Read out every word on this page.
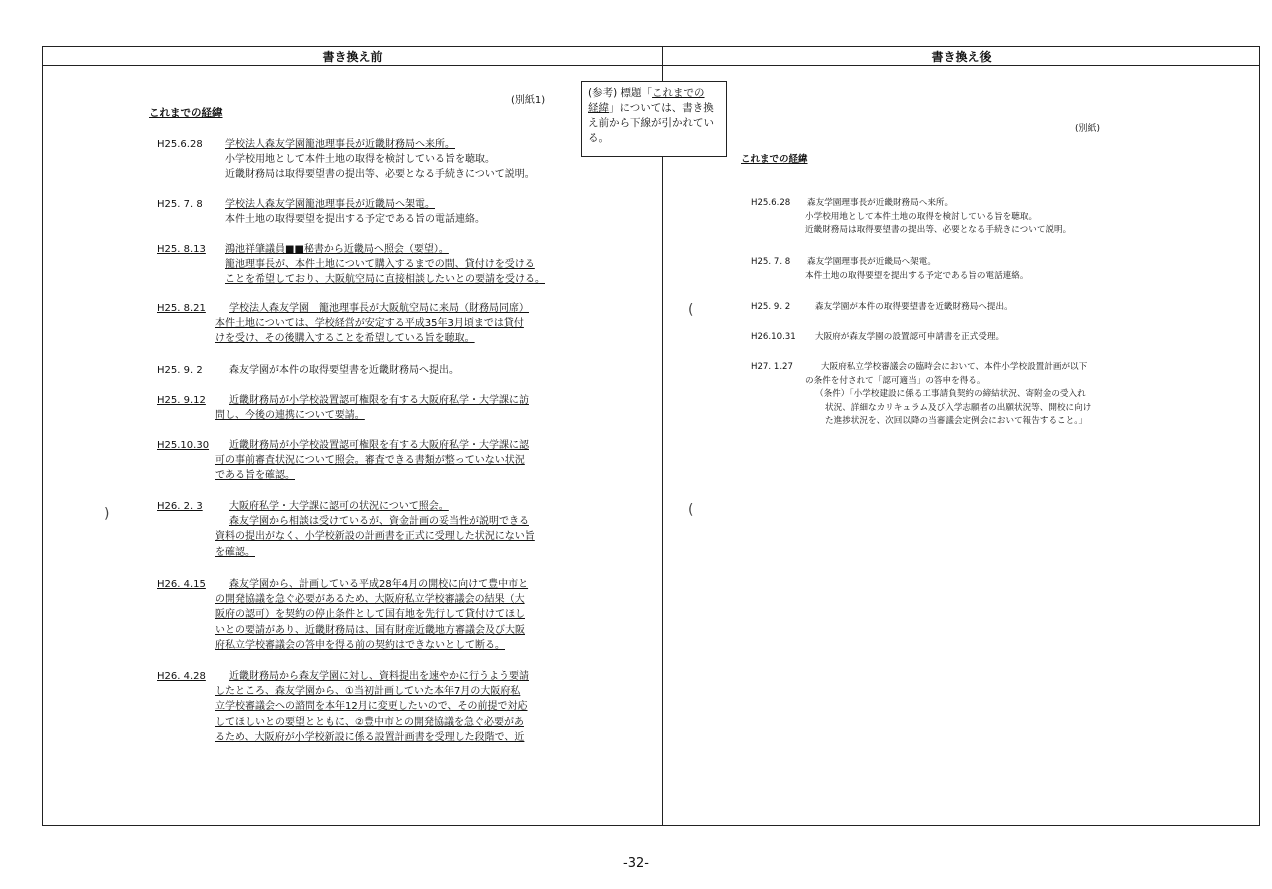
書き換え前	書き換え後
(別紙1)
これまでの経緯
H25.6.28 学校法人森友学園籠池理事長が近畿財務局へ来所。
小学校用地として本件土地の取得を検討している旨を聴取。
近畿財務局は取得要望書の提出等、必要となる手続きについて説明。
H25. 7. 8 学校法人森友学園籠池理事長が近畿局へ架電。
本件土地の取得要望を提出する予定である旨の電話連絡。
H25. 8.13 鴻池祥肇議員■■秘書から近畿局へ照会（要望）。
籠池理事長が、本件土地について購入するまでの間、貸付けを受ける
ことを希望しており、大阪航空局に直接相談したいとの要請を受ける。
H25. 8.21 学校法人森友学園　籠池理事長が大阪航空局に来局（財務局同席）
本件土地については、学校経営が安定する平成35年3月頃までは貸付
けを受け、その後購入することを希望している旨を聴取。
H25. 9. 2	森友学園が本件の取得要望書を近畿財務局へ提出。
H25. 9.12 近畿財務局が小学校設置認可権限を有する大阪府私学・大学課に訪
問し、今後の連携について要請。
H25.10.30 近畿財務局が小学校設置認可権限を有する大阪府私学・大学課に認
可の事前審査状況について照会。審査できる書類が整っていない状況
である旨を確認。
H26. 2. 3	大阪府私学・大学課に認可の状況について照会。
森友学園から相談は受けているが、資金計画の妥当性が説明できる
資料の提出がなく、小学校新設の計画書を正式に受理した状況にない旨
を確認。
H26. 4.15 森友学園から、計画している平成28年4月の開校に向けて豊中市と
の開発協議を急ぐ必要があるため、大阪府私立学校審議会の結果（大
阪府の認可）を契約の停止条件として国有地を先行して貸付けてほし
いとの要請があり、近畿財務局は、国有財産近畿地方審議会及び大阪
府私立学校審議会の答申を得る前の契約はできないとして断る。
H26. 4.28 近畿財務局から森友学園に対し、資料提出を速やかに行うよう要請
したところ、森友学園から、①当初計画していた本年7月の大阪府私
立学校審議会への諮問を本年12月に変更したいので、その前提で対応
してほしいとの要望とともに、②豊中市との開発協議を急ぐ必要があ
るため、大阪府が小学校新設に係る設置計画書を受理した段階で、近
(参考) 標題「これまでの
経緯」については、書き換え前から下線が引かれている。
(別紙)
これまでの経緯
H25.6.28 森友学園理事長が近畿財務局へ来所。
小学校用地として本件土地の取得を検討している旨を聴取。
近畿財務局は取得要望書の提出等、必要となる手続きについて説明。
H25. 7. 8 森友学園理事長が近畿局へ架電。
本件土地の取得要望を提出する予定である旨の電話連絡。
H25. 9. 2	森友学園が本件の取得要望書を近畿財務局へ提出。
H26.10.31 大阪府が森友学園の設置認可申請書を正式受理。
H27. 1.27	大阪府私立学校審議会の臨時会において、本件小学校設置計画が以下
の条件を付されて「認可適当」の答申を得る。
（条件）「小学校建設に係る工事請負契約の締結状況、寄附金の受入れ
状況、詳細なカリキュラム及び入学志願者の出願状況等、開校に向け
た進捗状況を、次回以降の当審議会定例会において報告すること。」
(
(
)
-32-
